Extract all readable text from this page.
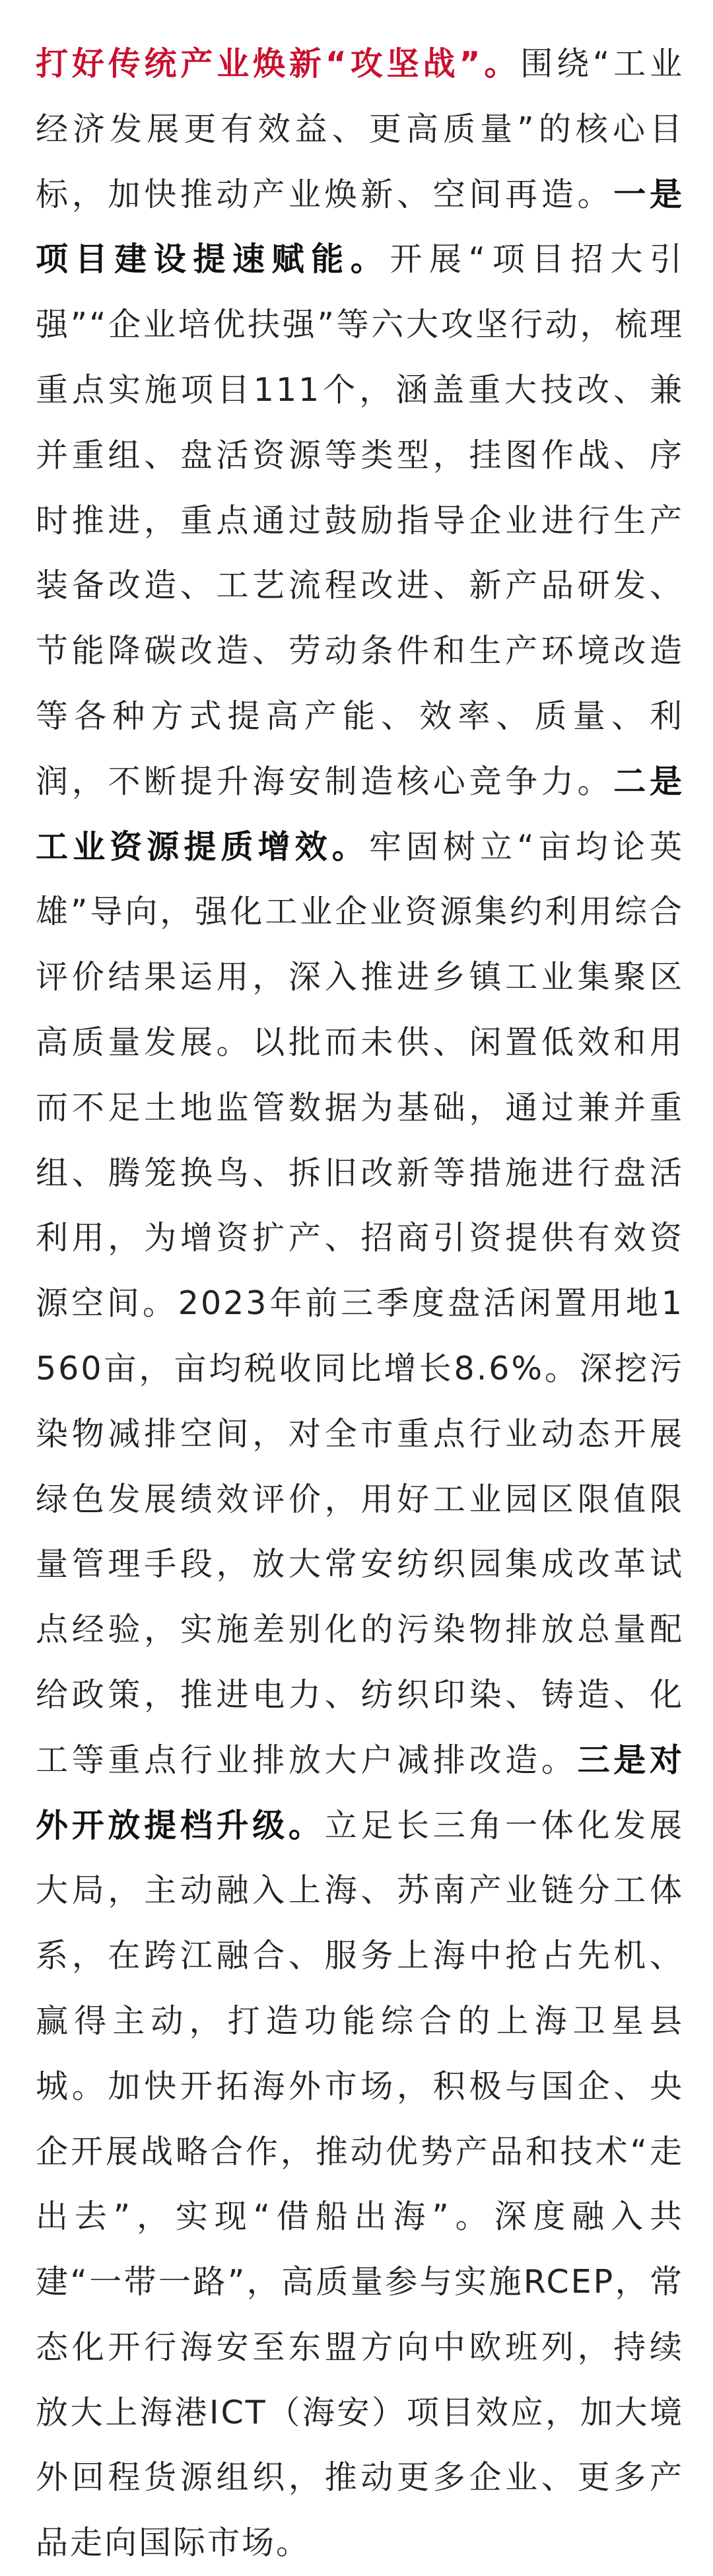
打好传统产业焕新“攻坚战”。围绕“工业经济发展更有效益、更高质量”的核心目标，加快推动产业焕新、空间再造。一是项目建设提速赋能。开展“项目招大引强”“企业培优扶强”等六大攻坚行动，梳理重点实施项目111个，涵盖重大技改、兼并重组、盘活资源等类型，挂图作战、序时推进，重点通过鼓励指导企业进行生产装备改造、工艺流程改进、新产品研发、节能降碳改造、劳动条件和生产环境改造等各种方式提高产能、效率、质量、利润，不断提升海安制造核心竞争力。二是工业资源提质增效。牢固树立“亩均论英雄”导向，强化工业企业资源集约利用综合评价结果运用，深入推进乡镇工业集聚区高质量发展。以批而未供、闲置低效和用而不足土地监管数据为基础，通过兼并重组、腾笼换鸟、拆旧改新等措施进行盘活利用，为增资扩产、招商引资提供有效资源空间。2023年前三季度盘活闲置用地1560亩，亩均税收同比增长8.6%。深挖污染物减排空间，对全市重点行业动态开展绿色发展绩效评价，用好工业园区限值限量管理手段，放大常安纺织园集成改革试点经验，实施差别化的污染物排放总量配给政策，推进电力、纺织印染、铸造、化工等重点行业排放大户减排改造。三是对外开放提档升级。立足长三角一体化发展大局，主动融入上海、苏南产业链分工体系，在跨江融合、服务上海中抢占先机、赢得主动，打造功能综合的上海卫星县城。加快开拓海外市场，积极与国企、央企开展战略合作，推动优势产品和技术“走出去”，实现“借船出海”。深度融入共建“一带一路”，高质量参与实施RCEP，常态化开行海安至东盟方向中欧班列，持续放大上海港ICT（海安）项目效应，加大境外回程货源组织，推动更多企业、更多产品走向国际市场。
